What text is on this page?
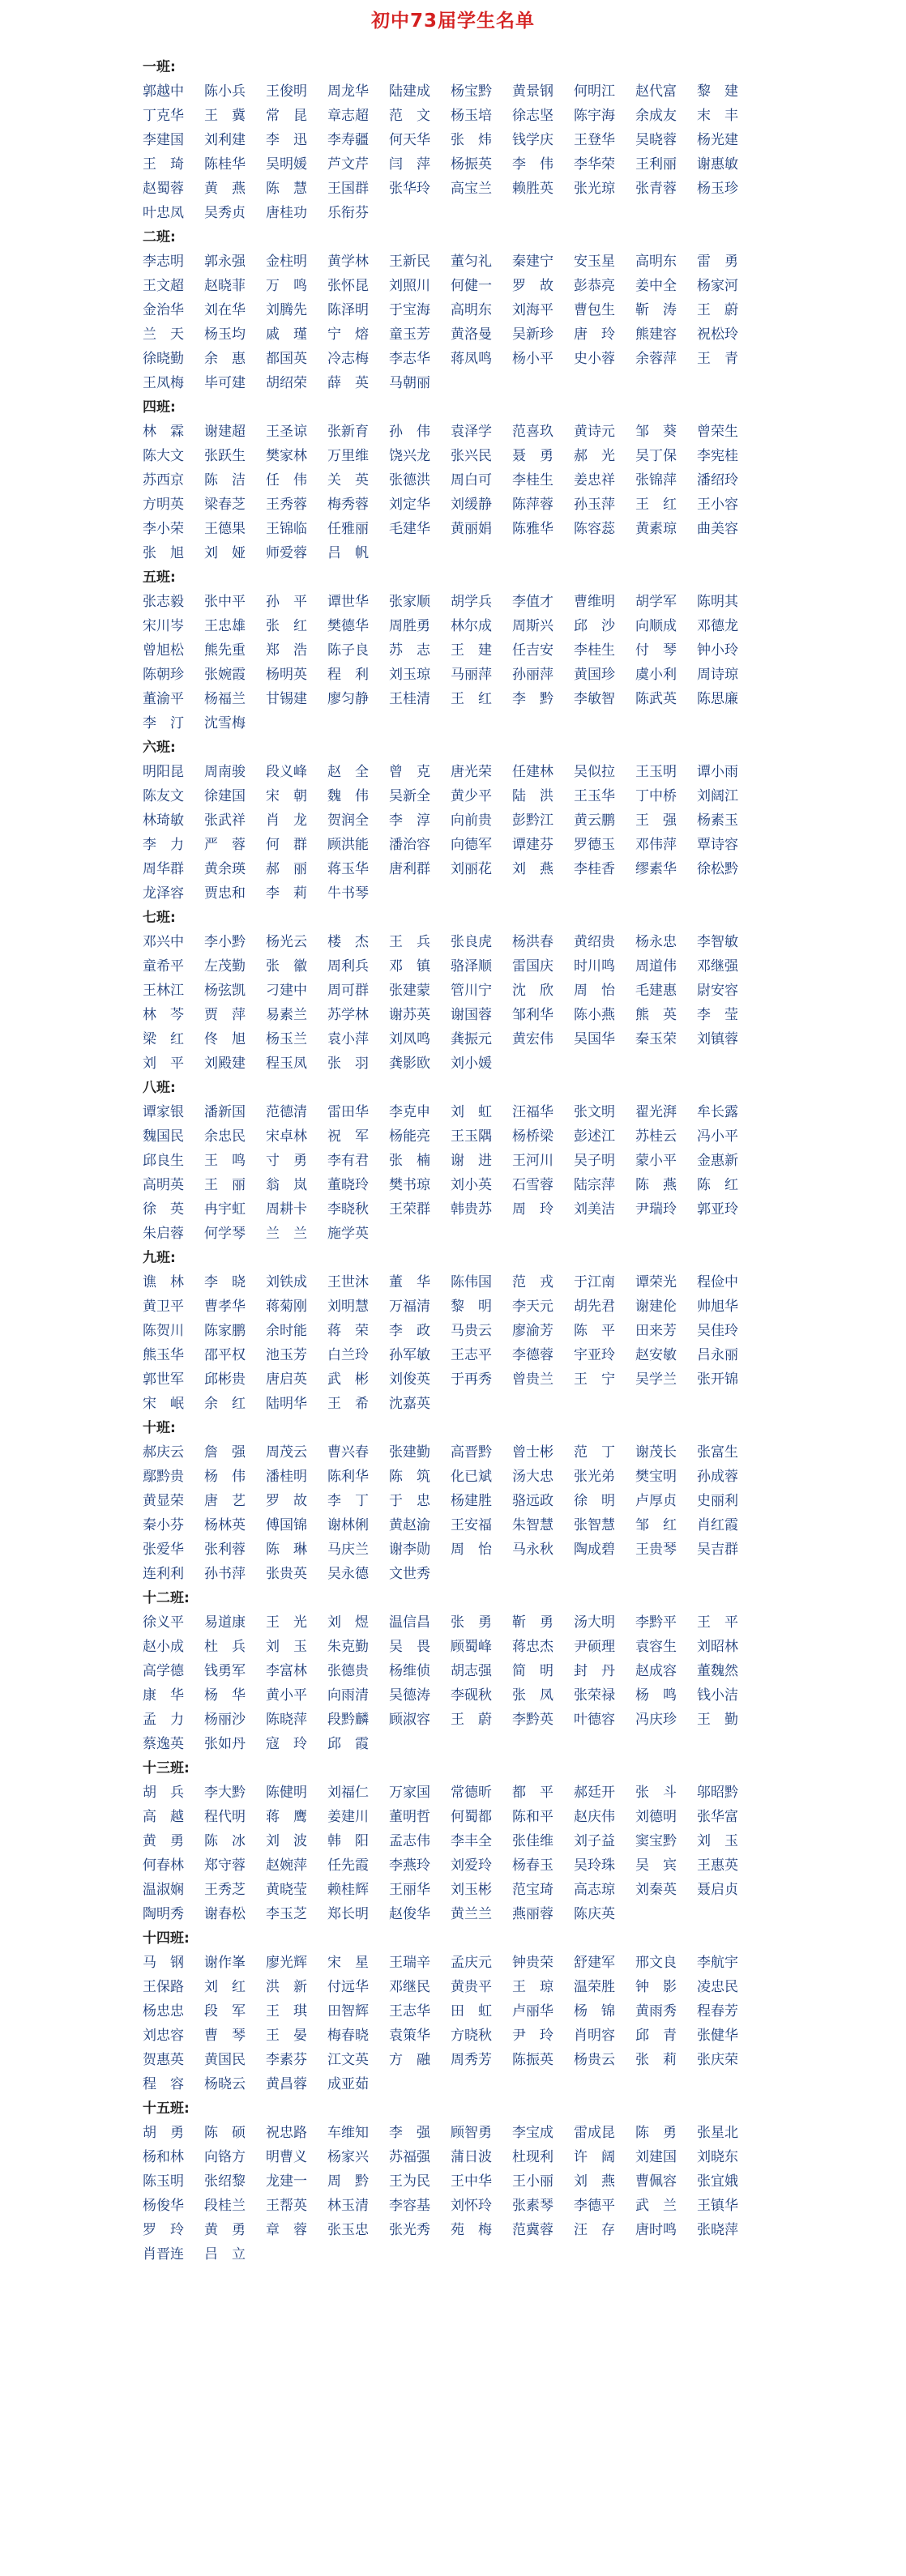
初中73届学生名单
一班:
郭越中 陈小兵 王俊明 周龙华 陆建成 杨宝黔 黄景钢 何明江 赵代富 黎　建丁克华 王　冀 常　昆 章志超 范　文 杨玉培 徐志坚 陈宇海 余成友 末　丰李建国 刘利建 李　迅 李寿疆 何天华 张　炜 钱学庆 王登华 吴晓蓉 杨光建王　琦 陈桂华 吴明媛 芦文芹 闫　萍 杨振英 李　伟 李华荣 王利丽 谢惠敏赵蜀蓉 黄　燕 陈　慧 王国群 张华玲 高宝兰 赖胜英 张光琼 张青蓉 杨玉珍叶忠凤 吴秀贞 唐桂功 乐衔芬
二班:
李志明 郭永强 金柱明 黄学林 王新民 董匀礼 秦建宁 安玉星 高明东 雷　勇王文超 赵晓菲 万　鸣 张怀昆 刘照川 何健一 罗　故 彭恭亮 姜中全 杨家河金治华 刘在华 刘腾先 陈泽明 于宝海 高明东 刘海平 曹包生 靳　涛 王　蔚兰　天 杨玉均 戚　瑾 宁　熔 童玉芳 黄洛曼 吴新珍 唐　玲 熊建容 祝松玲徐晓勤 余　惠 都国英 冷志梅 李志华 蒋凤鸣 杨小平 史小蓉 余蓉萍 王　青王凤梅 毕可建 胡绍荣 薛　英 马朝丽
四班:
林　霖 谢建超 王圣谅 张新育 孙　伟 袁泽学 范喜玖 黄诗元 邹　葵 曾荣生陈大文 张跃生 樊家林 万里维 饶兴龙 张兴民 聂　勇 郝　光 吴丁保 李宪桂苏西京 陈　洁 任　伟 关　英 张德洪 周白可 李桂生 姜忠祥 张锦萍 潘绍玲方明英 梁春芝 王秀蓉 梅秀蓉 刘定华 刘缓静 陈萍蓉 孙玉萍 王　红 王小容李小荣 王德果 王锦临 任雅丽 毛建华 黄丽娟 陈雅华 陈容蕊 黄素琼 曲美容张　旭 刘　娅 师爱蓉 吕　帆
五班:
张志毅 张中平 孙　平 谭世华 张家顺 胡学兵 李值才 曹维明 胡学军 陈明其宋川岑 王忠雄 张　红 樊德华 周胜勇 林尔成 周斯兴 邱　沙 向顺成 邓德龙曾旭松 熊先重 郑　浩 陈子良 苏　志 王　建 任吉安 李桂生 付　琴 钟小玲陈朝珍 张婉霞 杨明英 程　利 刘玉琼 马丽萍 孙丽萍 黄国珍 虞小利 周诗琼董渝平 杨福兰 甘锡建 廖匀静 王桂清 王　红 李　黔 李敏智 陈武英 陈思廉李　汀 沈雪梅
六班:
明阳昆 周南骏 段义峰 赵　全 曾　克 唐光荣 任建林 吴似拉 王玉明 谭小雨陈友文 徐建国 宋　朝 魏　伟 吴新全 黄少平 陆　洪 王玉华 丁中桥 刘阔江林琦敏 张武祥 肖　龙 贺润全 李　淳 向前贵 彭黔江 黄云鹏 王　强 杨素玉李　力 严　蓉 何　群 顾洪能 潘治容 向德军 谭建芬 罗德玉 邓伟萍 覃诗容周华群 黄余瑛 郝　丽 蒋玉华 唐利群 刘丽花 刘　燕 李桂香 缪素华 徐松黔龙泽容 贾忠和 李　莉 牛书琴
七班:
邓兴中 李小黔 杨光云 楼　杰 王　兵 张良虎 杨洪春 黄绍贵 杨永忠 李智敏童希平 左茂勤 张　徽 周利兵 邓　镇 骆泽顺 雷国庆 时川鸣 周道伟 邓继强王林江 杨弦凯 刁建中 周可群 张建蒙 管川宁 沈　欣 周　怡 毛建惠 尉安容林　芩 贾　萍 易素兰 苏学林 谢苏英 谢国蓉 邹利华 陈小燕 熊　英 李　莹梁　红 佟　旭 杨玉兰 袁小萍 刘凤鸣 龚振元 黄宏伟 吴国华 秦玉荣 刘镇蓉刘　平 刘殿建 程玉凤 张　羽 龚影欧 刘小媛
八班:
谭家银 潘新国 范德清 雷田华 李克申 刘　虹 汪福华 张文明 翟光湃 牟长露魏国民 余忠民 宋卓林 祝　军 杨能亮 王玉隅 杨桥梁 彭述江 苏桂云 冯小平邱良生 王　鸣 寸　勇 李有君 张　楠 谢　进 王河川 吴子明 蒙小平 金惠新高明英 王　丽 翁　岚 董晓玲 樊书琼 刘小英 石雪蓉 陆宗萍 陈　燕 陈　红徐　英 冉宇虹 周耕卡 李晓秋 王荣群 韩贵苏 周　玲 刘美洁 尹瑞玲 郭亚玲朱启蓉 何学琴 兰　兰 施学英
九班:
谯　林 李　晓 刘铁成 王世沐 董　华 陈伟国 范　戎 于江南 谭荣光 程俭中黄卫平 曹孝华 蒋菊刚 刘明慧 万福清 黎　明 李天元 胡先君 谢建伦 帅旭华陈贺川 陈家鹏 余时能 蒋　荣 李　政 马贵云 廖渝芳 陈　平 田来芳 吴佳玲熊玉华 邵平权 池玉芳 白兰玲 孙军敏 王志平 李德蓉 宇亚玲 赵安敏 吕永丽郭世军 邱彬贵 唐启英 武　彬 刘俊英 于再秀 曾贵兰 王　宁 吴学兰 张开锦宋　岷 余　红 陆明华 王　希 沈嘉英
十班:
郝庆云 詹　强 周茂云 曹兴春 张建勤 高晋黔 曾士彬 范　丁 谢茂长 张富生鄢黔贵 杨　伟 潘桂明 陈利华 陈　筑 化已斌 汤大忠 张光弟 樊宝明 孙成蓉黄显荣 唐　艺 罗　故 李　丁 于　忠 杨建胜 骆远政 徐　明 卢厚贞 史丽利秦小芬 杨林英 傅国锦 谢林俐 黄赵渝 王安福 朱智慧 张智慧 邹　红 肖红霞张爱华 张利蓉 陈　琳 马庆兰 谢李勋 周　怡 马永秋 陶成碧 王贵琴 吴吉群连利利 孙书萍 张贵英 吴永德 文世秀
十二班:
徐义平 易道康 王　光 刘　煜 温信昌 张　勇 靳　勇 汤大明 李黔平 王　平赵小成 杜　兵 刘　玉 朱克勤 吴　畏 顾蜀峰 蒋忠杰 尹硕理 袁容生 刘昭林高学德 钱勇军 李富林 张德贵 杨维侦 胡志强 简　明 封　丹 赵成容 董魏然康　华 杨　华 黄小平 向雨清 吴德涛 李砚秋 张　凤 张荣禄 杨　鸣 钱小洁孟　力 杨丽沙 陈晓萍 段黔麟 顾淑容 王　蔚 李黔英 叶德容 冯庆珍 王　勤蔡逸英 张如丹 寇　玲 邱　霞
十三班:
胡　兵 李大黔 陈健明 刘福仁 万家国 常德昕 都　平 郝廷开 张　斗 邬昭黔高　越 程代明 蒋　鹰 姜建川 董明哲 何蜀都 陈和平 赵庆伟 刘德明 张华富黄　勇 陈　冰 刘　波 韩　阳 孟志伟 李丰全 张佳维 刘子益 窦宝黔 刘　玉何春林 郑守蓉 赵婉萍 任先霞 李燕玲 刘爱玲 杨春玉 吴玲珠 吴　宾 王惠英温淑娴 王秀芝 黄晓莹 赖桂辉 王丽华 刘玉彬 范宝琦 高志琼 刘秦英 聂启贞陶明秀 谢春松 李玉芝 郑长明 赵俊华 黄兰兰 燕丽蓉 陈庆英
十四班:
马　钢 谢作峯 廖光辉 宋　星 王瑞辛 孟庆元 钟贵荣 舒建军 邢文良 李航宇王保路 刘　红 洪　新 付远华 邓继民 黄贵平 王　琼 温荣胜 钟　影 凌忠民杨忠忠 段　军 王　琪 田智辉 王志华 田　虹 卢丽华 杨　锦 黄雨秀 程春芳刘忠容 曹　琴 王　晏 梅春晓 袁策华 方晓秋 尹　玲 肖明容 邱　青 张健华贺惠英 黄国民 李素芬 江文英 方　融 周秀芳 陈振英 杨贵云 张　莉 张庆荣程　容 杨晓云 黄昌蓉 成亚茹
十五班:
胡　勇 陈　硕 祝忠路 车维知 李　强 顾智勇 李宝成 雷成昆 陈　勇 张星北杨和林 向铬方 明曹义 杨家兴 苏福强 蒲日波 杜现利 许　阔 刘建国 刘晓东陈玉明 张绍黎 龙建一 周　黔 王为民 王中华 王小丽 刘　燕 曹佩容 张宜娥杨俊华 段桂兰 王帮英 林玉清 李容基 刘怀玲 张素琴 李德平 武　兰 王镇华罗　玲 黄　勇 章　蓉 张玉忠 张光秀 苑　梅 范冀蓉 汪　存 唐时鸣 张晓萍肖晋连 吕　立
